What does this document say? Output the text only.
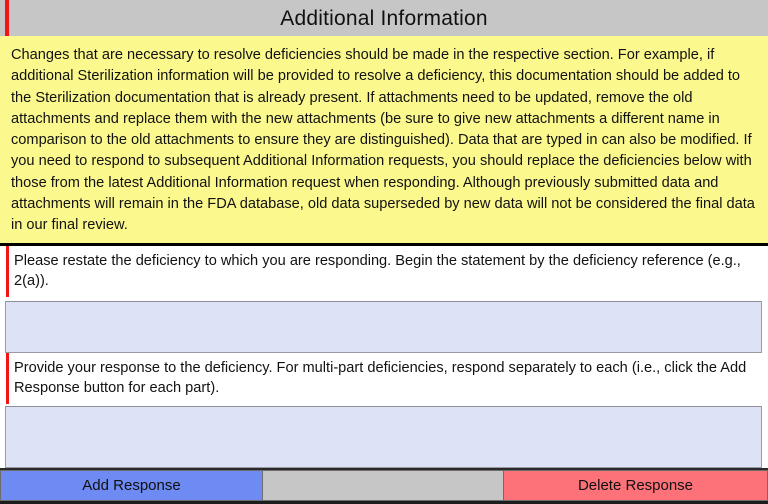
Additional Information

Changes that are necessary to resolve deficiencies should be made in the respective section. For example, if additional Sterilization information will be provided to resolve a deficiency, this documentation should be added to the Sterilization documentation that is already present. If attachments need to be updated, remove the old attachments and replace them with the new attachments (be sure to give new attachments a different name in comparison to the old attachments to ensure they are distinguished). Data that are typed in can also be modified. If you need to respond to subsequent Additional Information requests, you should replace the deficiencies below with those from the latest Additional Information request when responding. Although previously submitted data and attachments will remain in the FDA database, old data superseded by new data will not be considered the final data in our final review.

Please restate the deficiency to which you are responding. Begin the statement by the deficiency reference (e.g., 2(a)).

Provide your response to the deficiency. For multi-part deficiencies, respond separately to each (i.e., click the Add Response button for each part).

Add Response	Delete Response
